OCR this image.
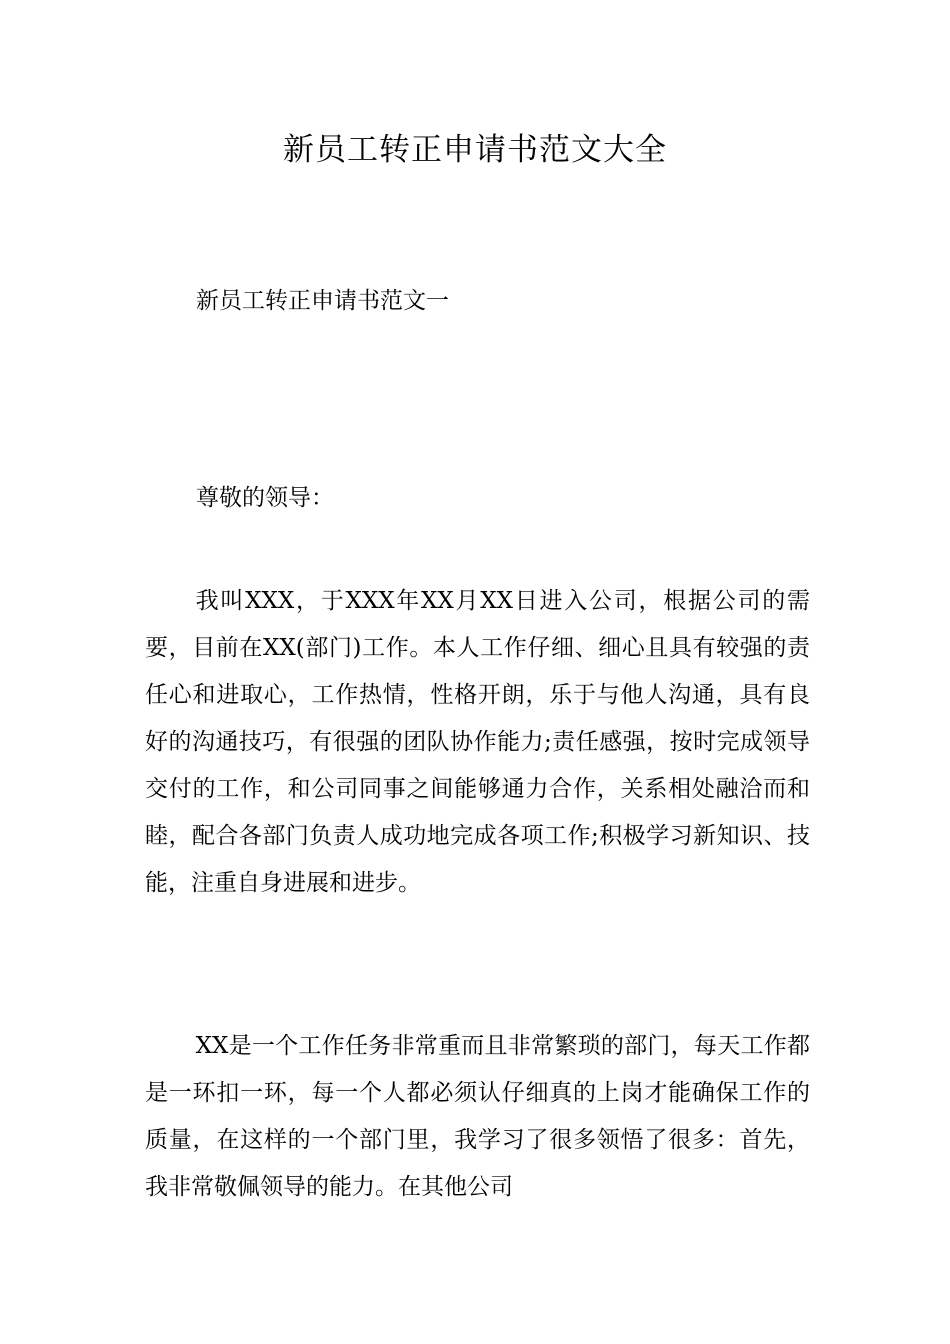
新员工转正申请书范文大全

新员工转正申请书范文一

尊敬的领导：

我叫XXX，于XXX年XX月XX日进入公司，根据公司的需要，目前在XX(部门)工作。本人工作仔细、细心且具有较强的责任心和进取心，工作热情，性格开朗，乐于与他人沟通，具有良好的沟通技巧，有很强的团队协作能力;责任感强，按时完成领导交付的工作，和公司同事之间能够通力合作，关系相处融洽而和睦，配合各部门负责人成功地完成各项工作;积极学习新知识、技能，注重自身进展和进步。

XX是一个工作任务非常重而且非常繁琐的部门，每天工作都是一环扣一环，每一个人都必须认仔细真的上岗才能确保工作的质量，在这样的一个部门里，我学习了很多领悟了很多：首先，我非常敬佩领导的能力。在其他公司
